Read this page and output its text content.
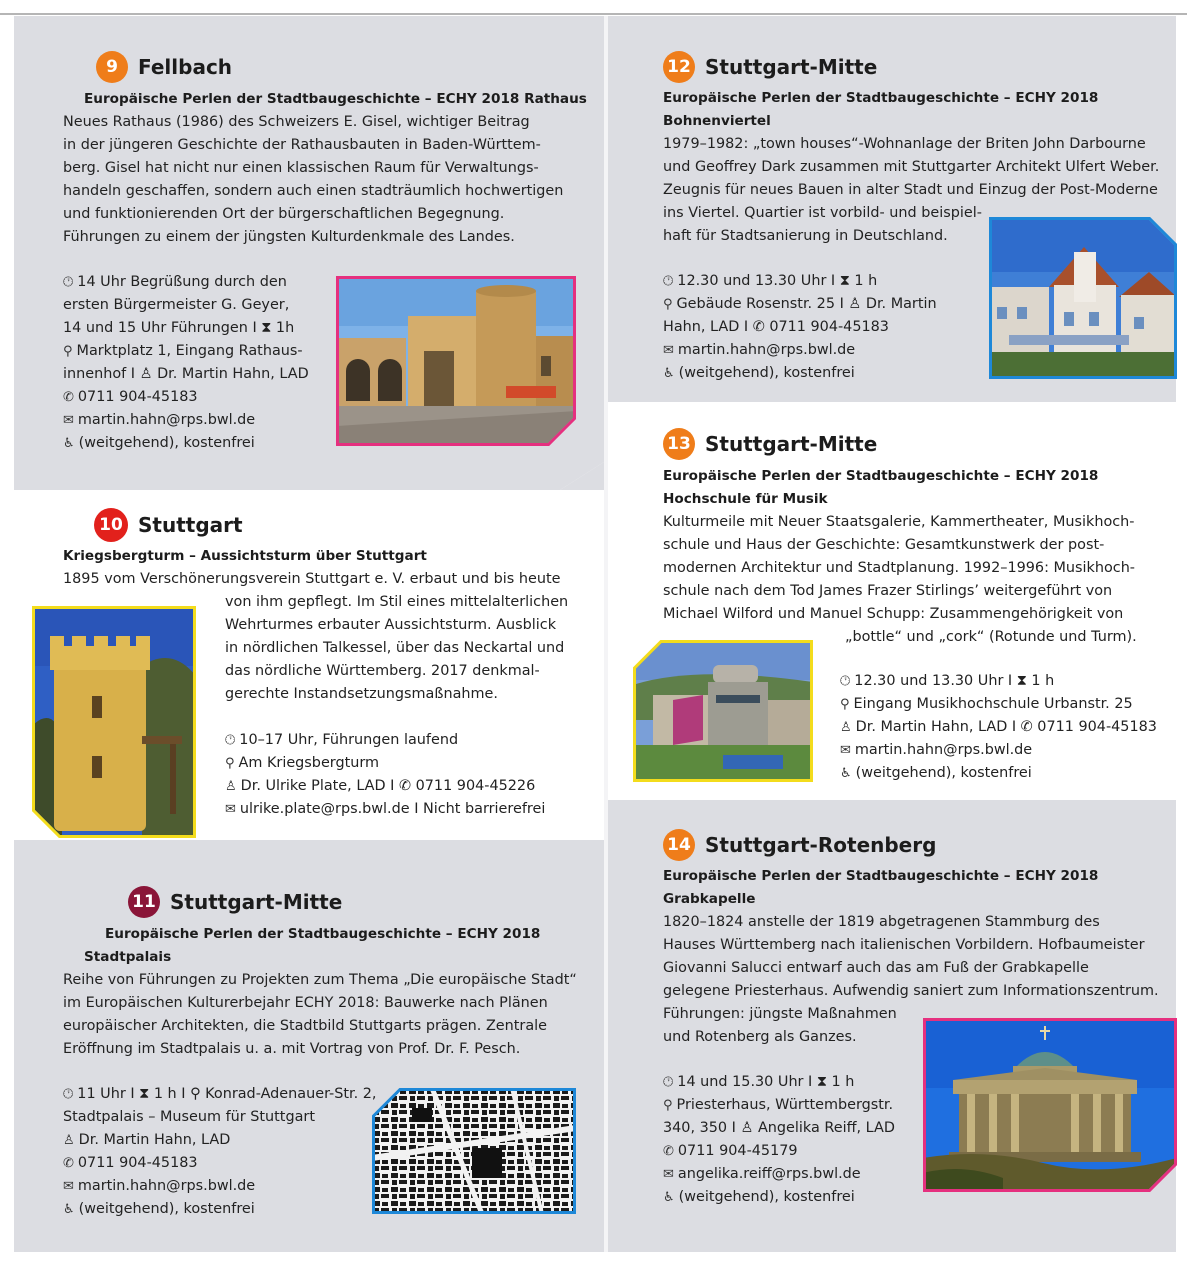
9	Fellbach
Europäische Perlen der Stadtbaugeschichte – ECHY 2018 Rathaus
Neues Rathaus (1986) des Schweizers E. Gisel, wichtiger Beitrag
in der jüngeren Geschichte der Rathausbauten in Baden-Württem-
berg. Gisel hat nicht nur einen klassischen Raum für Verwaltungs-
handeln geschaffen, sondern auch einen stadträumlich hochwertigen
und funktionierenden Ort der bürgerschaftlichen Begegnung.
Führungen zu einem der jüngsten Kulturdenkmale des Landes.
🕐︎ 14 Uhr Begrüßung durch den
ersten Bürgermeister G. Geyer,
14 und 15 Uhr Führungen I ⧗ 1h
⚲ Marktplatz 1, Eingang Rathaus-
innenhof I ♙ Dr. Martin Hahn, LAD
✆ 0711 904-45183
✉ martin.hahn@rps.bwl.de
♿︎ (weitgehend), kostenfrei
10 Stuttgart
Kriegsbergturm – Aussichtsturm über Stuttgart
1895 vom Verschönerungsverein Stuttgart e. V. erbaut und bis heute
von ihm gepflegt. Im Stil eines mittelalterlichen
Wehrturmes erbauter Aussichtsturm. Ausblick
in nördlichen Talkessel, über das Neckartal und
das nördliche Württemberg. 2017 denkmal-
gerechte Instandsetzungsmaßnahme.
🕐︎ 10–17 Uhr, Führungen laufend
⚲ Am Kriegsbergturm
♙ Dr. Ulrike Plate, LAD I ✆ 0711 904-45226
✉ ulrike.plate@rps.bwl.de I Nicht barrierefrei
11 Stuttgart-Mitte
Europäische Perlen der Stadtbaugeschichte – ECHY 2018
Stadtpalais
Reihe von Führungen zu Projekten zum Thema „Die europäische Stadt“
im Europäischen Kulturerbejahr ECHY 2018: Bauwerke nach Plänen
europäischer Architekten, die Stadtbild Stuttgarts prägen. Zentrale
Eröffnung im Stadtpalais u. a. mit Vortrag von Prof. Dr. F. Pesch.
🕐︎ 11 Uhr I ⧗ 1 h I ⚲ Konrad-Adenauer-Str. 2,
Stadtpalais – Museum für Stuttgart
♙ Dr. Martin Hahn, LAD
✆ 0711 904-45183
✉ martin.hahn@rps.bwl.de
♿︎ (weitgehend), kostenfrei
12 Stuttgart-Mitte
Europäische Perlen der Stadtbaugeschichte – ECHY 2018
Bohnenviertel
1979–1982: „town houses“-Wohnanlage der Briten John Darbourne
und Geoffrey Dark zusammen mit Stuttgarter Architekt Ulfert Weber.
Zeugnis für neues Bauen in alter Stadt und Einzug der Post-Moderne
ins Viertel. Quartier ist vorbild- und beispiel-
haft für Stadtsanierung in Deutschland.
🕐︎ 12.30 und 13.30 Uhr I ⧗ 1 h
⚲ Gebäude Rosenstr. 25 I ♙ Dr. Martin
Hahn, LAD I ✆ 0711 904-45183
✉ martin.hahn@rps.bwl.de
♿︎ (weitgehend), kostenfrei
13 Stuttgart-Mitte
Europäische Perlen der Stadtbaugeschichte – ECHY 2018
Hochschule für Musik
Kulturmeile mit Neuer Staatsgalerie, Kammertheater, Musikhoch-
schule und Haus der Geschichte: Gesamtkunstwerk der post-
modernen Architektur und Stadtplanung. 1992–1996: Musikhoch-
schule nach dem Tod James Frazer Stirlings’ weitergeführt von
Michael Wilford und Manuel Schupp: Zusammengehörigkeit von
„bottle“ und „cork“ (Rotunde und Turm).
🕐︎ 12.30 und 13.30 Uhr I ⧗ 1 h
⚲ Eingang Musikhochschule Urbanstr. 25
♙ Dr. Martin Hahn, LAD I ✆ 0711 904-45183
✉ martin.hahn@rps.bwl.de
♿︎ (weitgehend), kostenfrei
14 Stuttgart-Rotenberg
Europäische Perlen der Stadtbaugeschichte – ECHY 2018
Grabkapelle
1820–1824 anstelle der 1819 abgetragenen Stammburg des
Hauses Württemberg nach italienischen Vorbildern. Hofbaumeister
Giovanni Salucci entwarf auch das am Fuß der Grabkapelle
gelegene Priesterhaus. Aufwendig saniert zum Informationszentrum.
Führungen: jüngste Maßnahmen
und Rotenberg als Ganzes.
🕐︎ 14 und 15.30 Uhr I ⧗ 1 h
⚲ Priesterhaus, Württembergstr.
340, 350 I ♙ Angelika Reiff, LAD
✆ 0711 904-45179
✉ angelika.reiff@rps.bwl.de
♿︎ (weitgehend), kostenfrei
